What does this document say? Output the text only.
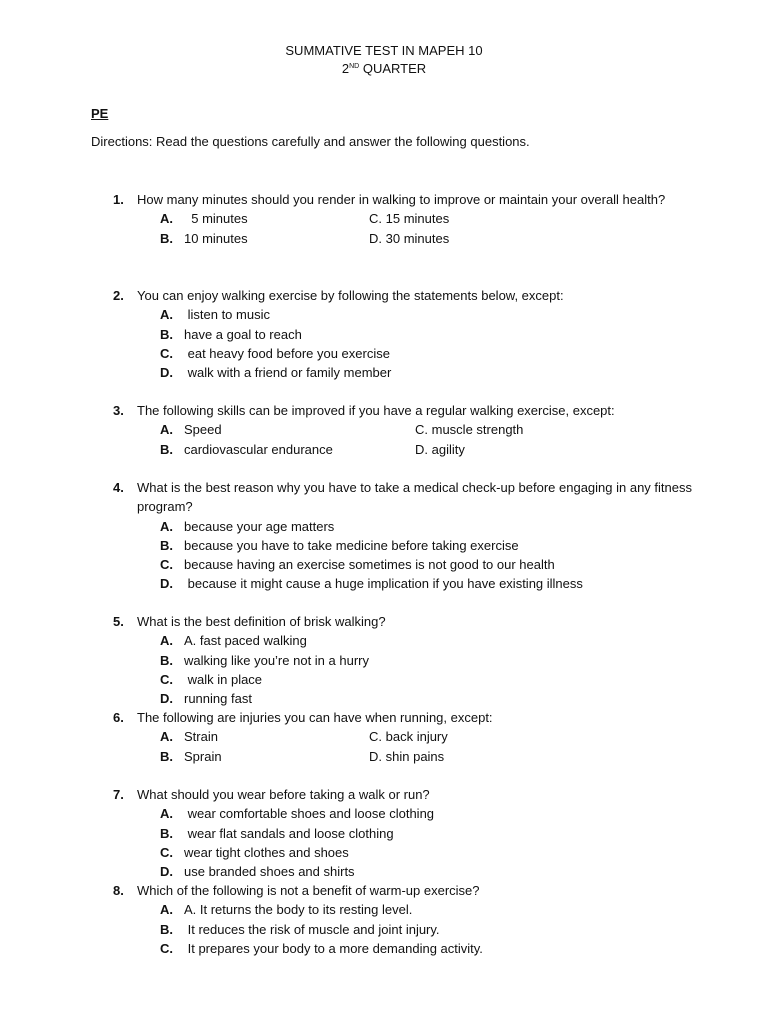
SUMMATIVE TEST IN MAPEH 10
2ND QUARTER
PE
Directions: Read the questions carefully and answer the following questions.
1.	How many minutes should you render in walking to improve or maintain your overall health?
A. 5 minutes
B. 10 minutes
C. 15 minutes
D. 30 minutes
2.	You can enjoy walking exercise by following the statements below, except:
A. listen to music
B. have a goal to reach
C. eat heavy food before you exercise
D. walk with a friend or family member
3.	The following skills can be improved if you have a regular walking exercise, except:
A. Speed
B. cardiovascular endurance
C. muscle strength
D. agility
4.	What is the best reason why you have to take a medical check-up before engaging in any fitness program?
A. because your age matters
B. because you have to take medicine before taking exercise
C. because having an exercise sometimes is not good to our health
D. because it might cause a huge implication if you have existing illness
5.	What is the best definition of brisk walking?
A. A. fast paced walking
B. walking like you’re not in a hurry
C. walk in place
D. running fast
6.	The following are injuries you can have when running, except:
A. Strain
B. Sprain
C. back injury
D. shin pains
7.	What should you wear before taking a walk or run?
A. wear comfortable shoes and loose clothing
B. wear flat sandals and loose clothing
C. wear tight clothes and shoes
D. use branded shoes and shirts
8.	Which of the following is not a benefit of warm-up exercise?
A. A. It returns the body to its resting level.
B. It reduces the risk of muscle and joint injury.
C. It prepares your body to a more demanding activity.
